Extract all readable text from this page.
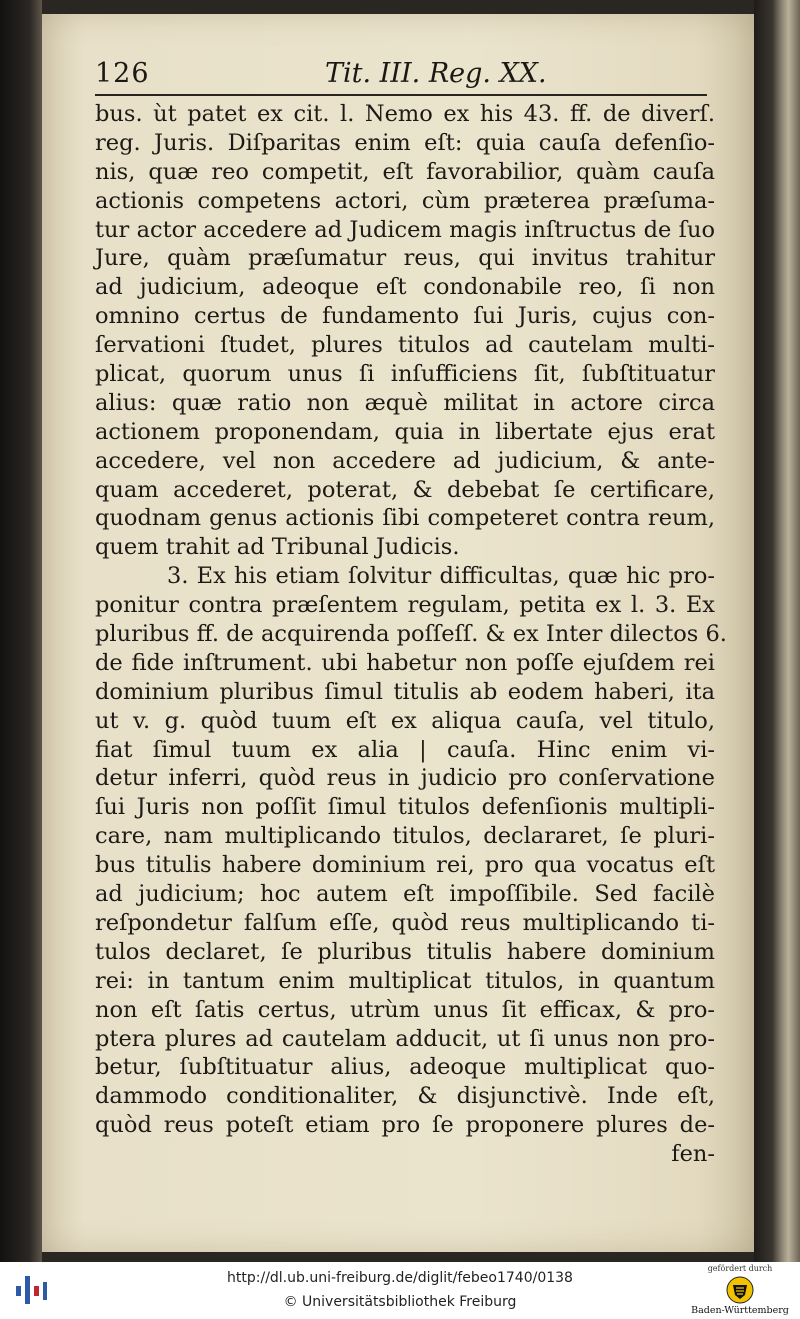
126	Tit. III. Reg. XX.
bus. ùt patet ex cit. l. Nemo ex his 43. ff. de diverſ.
reg. Juris. Diſparitas enim eſt: quia cauſa defenſio-
nis, quæ reo competit, eſt favorabilior, quàm cauſa
actionis competens actori, cùm præterea præſuma-
tur actor accedere ad Judicem magis inſtructus de ſuo
Jure, quàm præſumatur reus, qui invitus trahitur
ad judicium, adeoque eſt condonabile reo, ſi non
omnino certus de fundamento ſui Juris, cujus con-
ſervationi ſtudet, plures titulos ad cautelam multi-
plicat, quorum unus ſi inſufficiens ſit, ſubſtituatur
alius: quæ ratio non æquè militat in actore circa
actionem proponendam, quia in libertate ejus erat
accedere, vel non accedere ad judicium, & ante-
quam accederet, poterat, & debebat ſe certificare,
quodnam genus actionis ſibi competeret contra reum,
quem trahit ad Tribunal Judicis.
3. Ex his etiam ſolvitur difficultas, quæ hic pro-
ponitur contra præſentem regulam, petita ex l. 3. Ex
pluribus ff. de acquirenda poſſeſſ. & ex Inter dilectos 6.
de fide inſtrument. ubi habetur non poſſe ejuſdem rei
dominium pluribus ſimul titulis ab eodem haberi, ita
ut v. g. quòd tuum eſt ex aliqua cauſa, vel titulo,
fiat ſimul tuum ex alia | cauſa. Hinc enim vi-
detur inferri, quòd reus in judicio pro conſervatione
ſui Juris non poſſit ſimul titulos defenſionis multipli-
care, nam multiplicando titulos, declararet, ſe pluri-
bus titulis habere dominium rei, pro qua vocatus eſt
ad judicium; hoc autem eſt impoſſibile. Sed facilè
reſpondetur falſum eſſe, quòd reus multiplicando ti-
tulos declaret, ſe pluribus titulis habere dominium
rei: in tantum enim multiplicat titulos, in quantum
non eſt ſatis certus, utrùm unus ſit efficax, & pro-
ptera plures ad cautelam adducit, ut ſi unus non pro-
betur, ſubſtituatur alius, adeoque multiplicat quo-
dammodo conditionaliter, & disjunctivè. Inde eſt,
quòd reus poteſt etiam pro ſe proponere plures de-
fen-
http://dl.ub.uni-freiburg.de/diglit/febeo1740/0138
© Universitätsbibliothek Freiburg
gefördert durch
Baden-Württemberg
